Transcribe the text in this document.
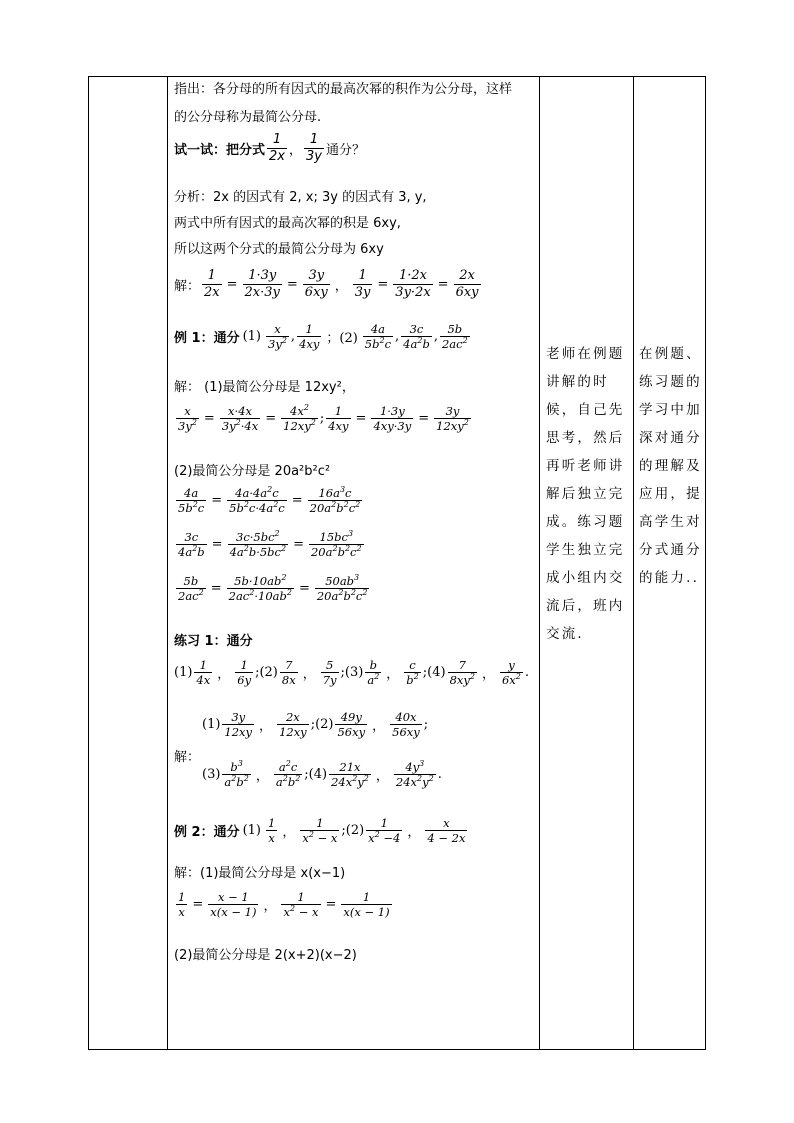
指出：各分母的所有因式的最高次幂的积作为公分母，这样
的公分母称为最简公分母.
试一试：把分式 $\frac{1}{2x}$ ， $\frac{1}{3y}$ 通分？
分析：2x 的因式有 2, x; 3y 的因式有 3, y,
两式中所有因式的最高次幂的积是 6xy,
所以这两个分式的最简公分母为 6xy
解： $\frac{1}{2x} = \frac{1\cdot 3y}{2x\cdot 3y} = \frac{3y}{6xy}$ ， $\frac{1}{3y} = \frac{1\cdot 2x}{3y\cdot 2x} = \frac{2x}{6xy}$
例 1：通分 $(1) \frac{x}{3y^2}$ , $\frac{1}{4xy}$ ；$(2) \frac{4a}{5b^2c}$ , $\frac{3c}{4a^2b}$ , $\frac{5b}{2ac^2}$
解： (1)最简公分母是 12xy²，
$\frac{x}{3y^2} = \frac{x\cdot 4x}{3y^2\cdot 4x} = \frac{4x^2}{12xy^2}$ ; $\frac{1}{4xy} = \frac{1\cdot 3y}{4xy\cdot 3y} = \frac{3y}{12xy^2}$
(2)最简公分母是 20a²b²c²
$\frac{4a}{5b^2c} = \frac{4a\cdot 4a^2c}{5b^2c\cdot 4a^2c} = \frac{16a^3c}{20a^2b^2c^2}$
$\frac{3c}{4a^2b} = \frac{3c\cdot 5bc^2}{4a^2b\cdot 5bc^2} = \frac{15bc^3}{20a^2b^2c^2}$
$\frac{5b}{2ac^2} = \frac{5b\cdot 10ab^2}{2ac^2\cdot 10ab^2} = \frac{50ab^3}{20a^2b^2c^2}$
练习 1：通分
$(1) \frac{1}{4x}$ ， $\frac{1}{6y}$ ;(2) $\frac{7}{8x}$ ， $\frac{5}{7y}$ ;(3) $\frac{b}{a^2}$ ， $\frac{c}{b^2}$ ;(4) $\frac{7}{8xy^2}$ ， $\frac{y}{6x^2}$ .
解：
$(1) \frac{3y}{12xy}$ ， $\frac{2x}{12xy}$ ;(2) $\frac{49y}{56xy}$ ， $\frac{40x}{56xy}$ ;
$(3) \frac{b^3}{a^2b^2}$ ， $\frac{a^2c}{a^2b^2}$ ;(4) $\frac{21x}{24x^2y^2}$ ， $\frac{4y^3}{24x^2y^2}$ .
例 2：通分 $(1) \frac{1}{x}$ ， $\frac{1}{x^2 - x}$ ;(2) $\frac{1}{x^2 -4}$ ， $\frac{x}{4 - 2x}$
解：(1)最简公分母是 x(x−1)
$\frac{1}{x} = \frac{x - 1}{x(x - 1)}$ ， $\frac{1}{x^2 - x} = \frac{1}{x(x - 1)}$
(2)最简公分母是 2(x+2)(x−2)
老师在例题讲解的时候，自己先思考，然后再听老师讲解后独立完成。练习题学生独立完成小组内交流后，班内交流.
在例题、练习题的学习中加深对通分的理解及应用，提高学生对分式通分的能力..
